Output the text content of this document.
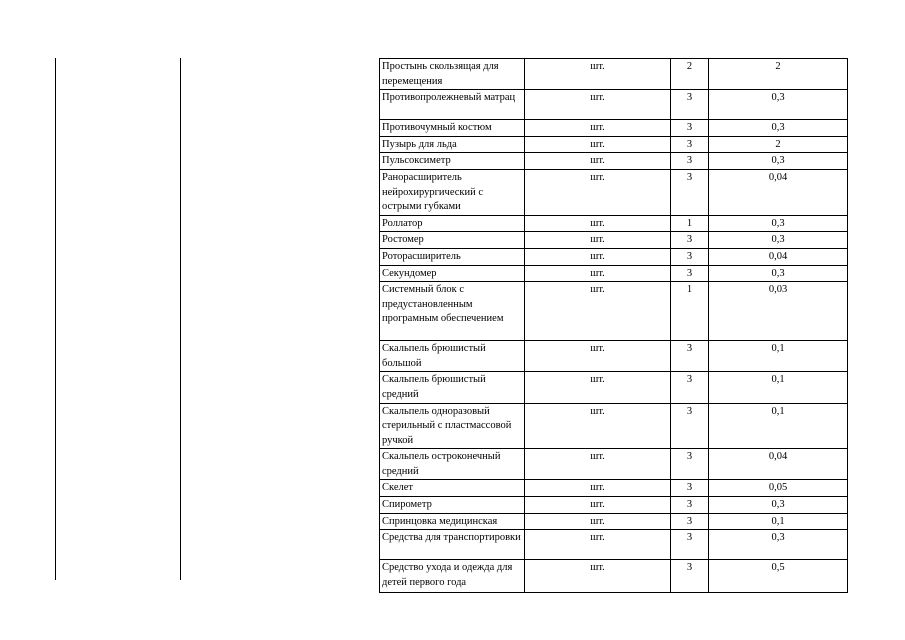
Простынь скользящая для перемещения	шт.	2	2
Противопролежневый матрац	шт.	3	0,3
Противочумный костюм	шт.	3	0,3
Пузырь для льда	шт.	3	2
Пульсоксиметр	шт.	3	0,3
Ранорасширитель нейрохирургический с острыми губками	шт.	3	0,04
Роллатор	шт.	1	0,3
Ростомер	шт.	3	0,3
Роторасширитель	шт.	3	0,04
Секундомер	шт.	3	0,3
Системный блок с предустановленным програмным обеспечением	шт.	1	0,03
Скальпель брюшистый большой	шт.	3	0,1
Скальпель брюшистый средний	шт.	3	0,1
Скальпель одноразовый стерильный с пластмассовой ручкой	шт.	3	0,1
Скальпель остроконечный средний	шт.	3	0,04
Скелет	шт.	3	0,05
Спирометр	шт.	3	0,3
Спринцовка медицинская	шт.	3	0,1
Средства для транспортировки	шт.	3	0,3
Средство ухода и одежда для детей первого года	шт.	3	0,5
